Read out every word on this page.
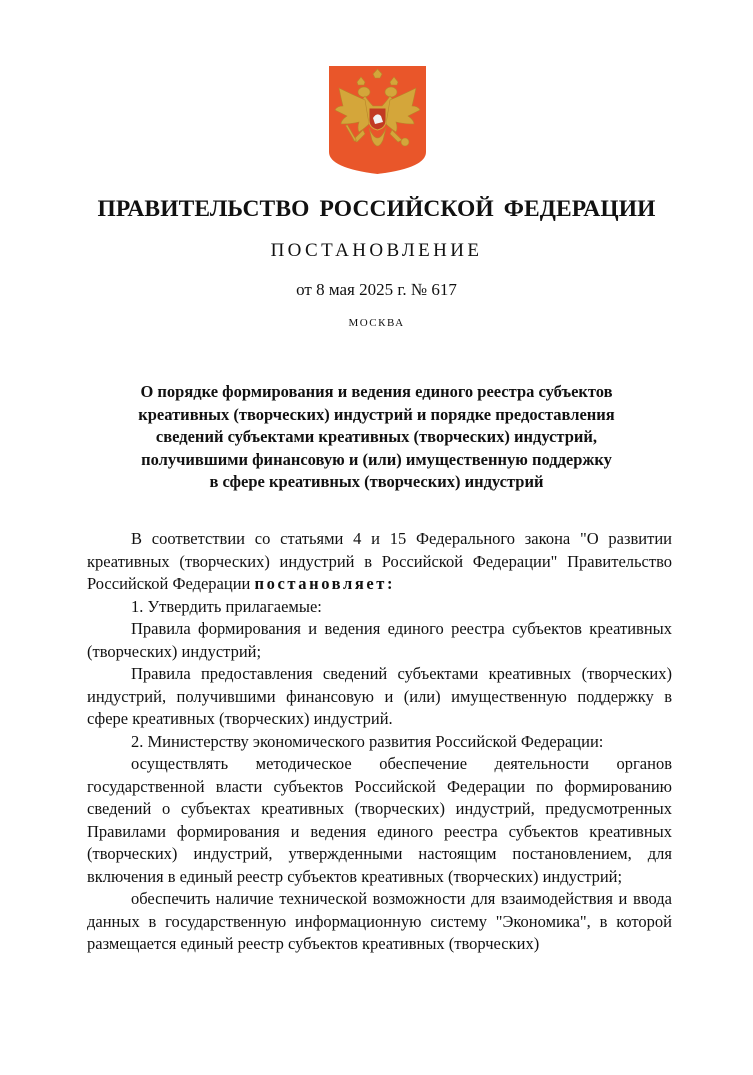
ПРАВИТЕЛЬСТВО РОССИЙСКОЙ ФЕДЕРАЦИИ
ПОСТАНОВЛЕНИЕ
от 8 мая 2025 г. № 617
МОСКВА
О порядке формирования и ведения единого реестра субъектов
креативных (творческих) индустрий и порядке предоставления
сведений субъектами креативных (творческих) индустрий,
получившими финансовую и (или) имущественную поддержку
в сфере креативных (творческих) индустрий

В соответствии со статьями 4 и 15 Федерального закона "О развитии креативных (творческих) индустрий в Российской Федерации" Правительство Российской Федерации постановляет:

1. Утвердить прилагаемые:

Правила формирования и ведения единого реестра субъектов креативных (творческих) индустрий;

Правила предоставления сведений субъектами креативных (творческих) индустрий, получившими финансовую и (или) имущественную поддержку в сфере креативных (творческих) индустрий.

2. Министерству экономического развития Российской Федерации:

осуществлять методическое обеспечение деятельности органов государственной власти субъектов Российской Федерации по формированию сведений о субъектах креативных (творческих) индустрий, предусмотренных Правилами формирования и ведения единого реестра субъектов креативных (творческих) индустрий, утвержденными настоящим постановлением, для включения в единый реестр субъектов креативных (творческих) индустрий;

обеспечить наличие технической возможности для взаимодействия и ввода данных в государственную информационную систему "Экономика", в которой размещается единый реестр субъектов креативных (творческих)
